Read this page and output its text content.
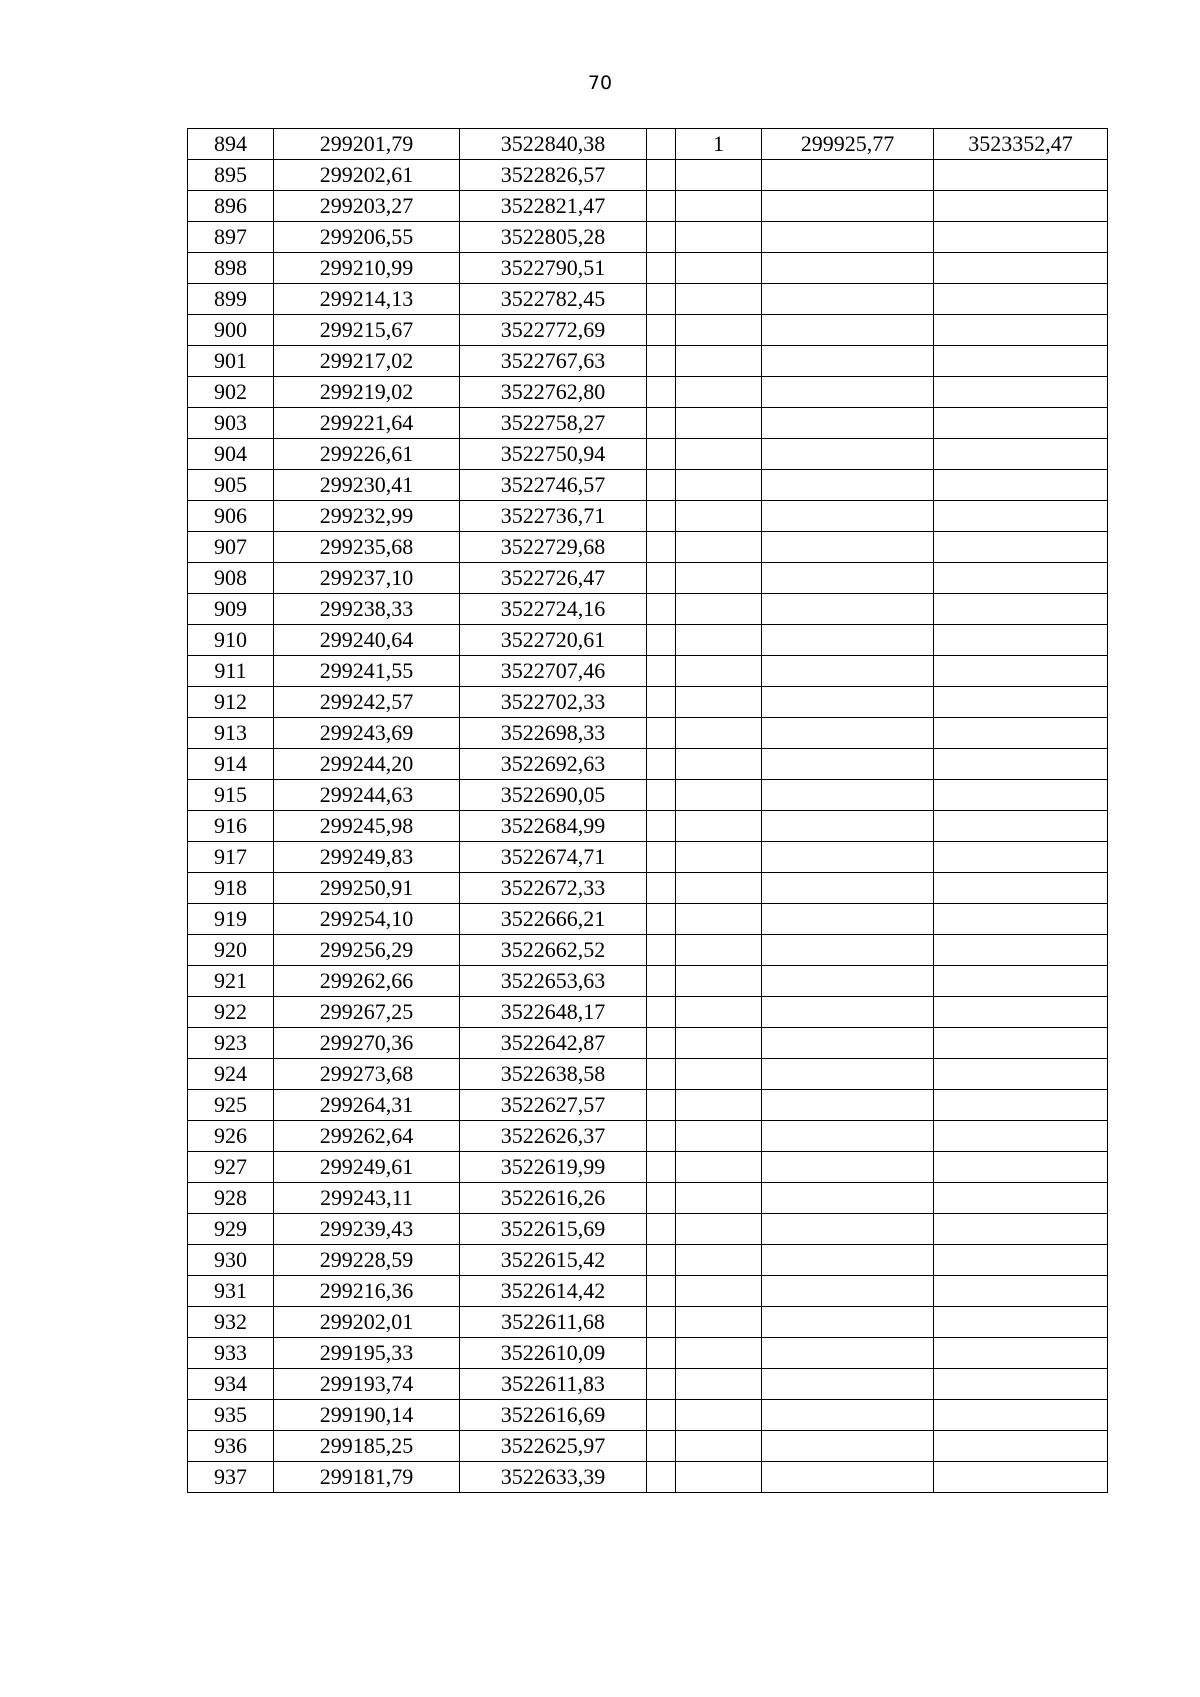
70
894	299201,79	3522840,38		1	299925,77	3523352,47
895	299202,61	3522826,57				
896	299203,27	3522821,47				
897	299206,55	3522805,28				
898	299210,99	3522790,51				
899	299214,13	3522782,45				
900	299215,67	3522772,69				
901	299217,02	3522767,63				
902	299219,02	3522762,80				
903	299221,64	3522758,27				
904	299226,61	3522750,94				
905	299230,41	3522746,57				
906	299232,99	3522736,71				
907	299235,68	3522729,68				
908	299237,10	3522726,47				
909	299238,33	3522724,16				
910	299240,64	3522720,61				
911	299241,55	3522707,46				
912	299242,57	3522702,33				
913	299243,69	3522698,33				
914	299244,20	3522692,63				
915	299244,63	3522690,05				
916	299245,98	3522684,99				
917	299249,83	3522674,71				
918	299250,91	3522672,33				
919	299254,10	3522666,21				
920	299256,29	3522662,52				
921	299262,66	3522653,63				
922	299267,25	3522648,17				
923	299270,36	3522642,87				
924	299273,68	3522638,58				
925	299264,31	3522627,57				
926	299262,64	3522626,37				
927	299249,61	3522619,99				
928	299243,11	3522616,26				
929	299239,43	3522615,69				
930	299228,59	3522615,42				
931	299216,36	3522614,42				
932	299202,01	3522611,68				
933	299195,33	3522610,09				
934	299193,74	3522611,83				
935	299190,14	3522616,69				
936	299185,25	3522625,97				
937	299181,79	3522633,39				
